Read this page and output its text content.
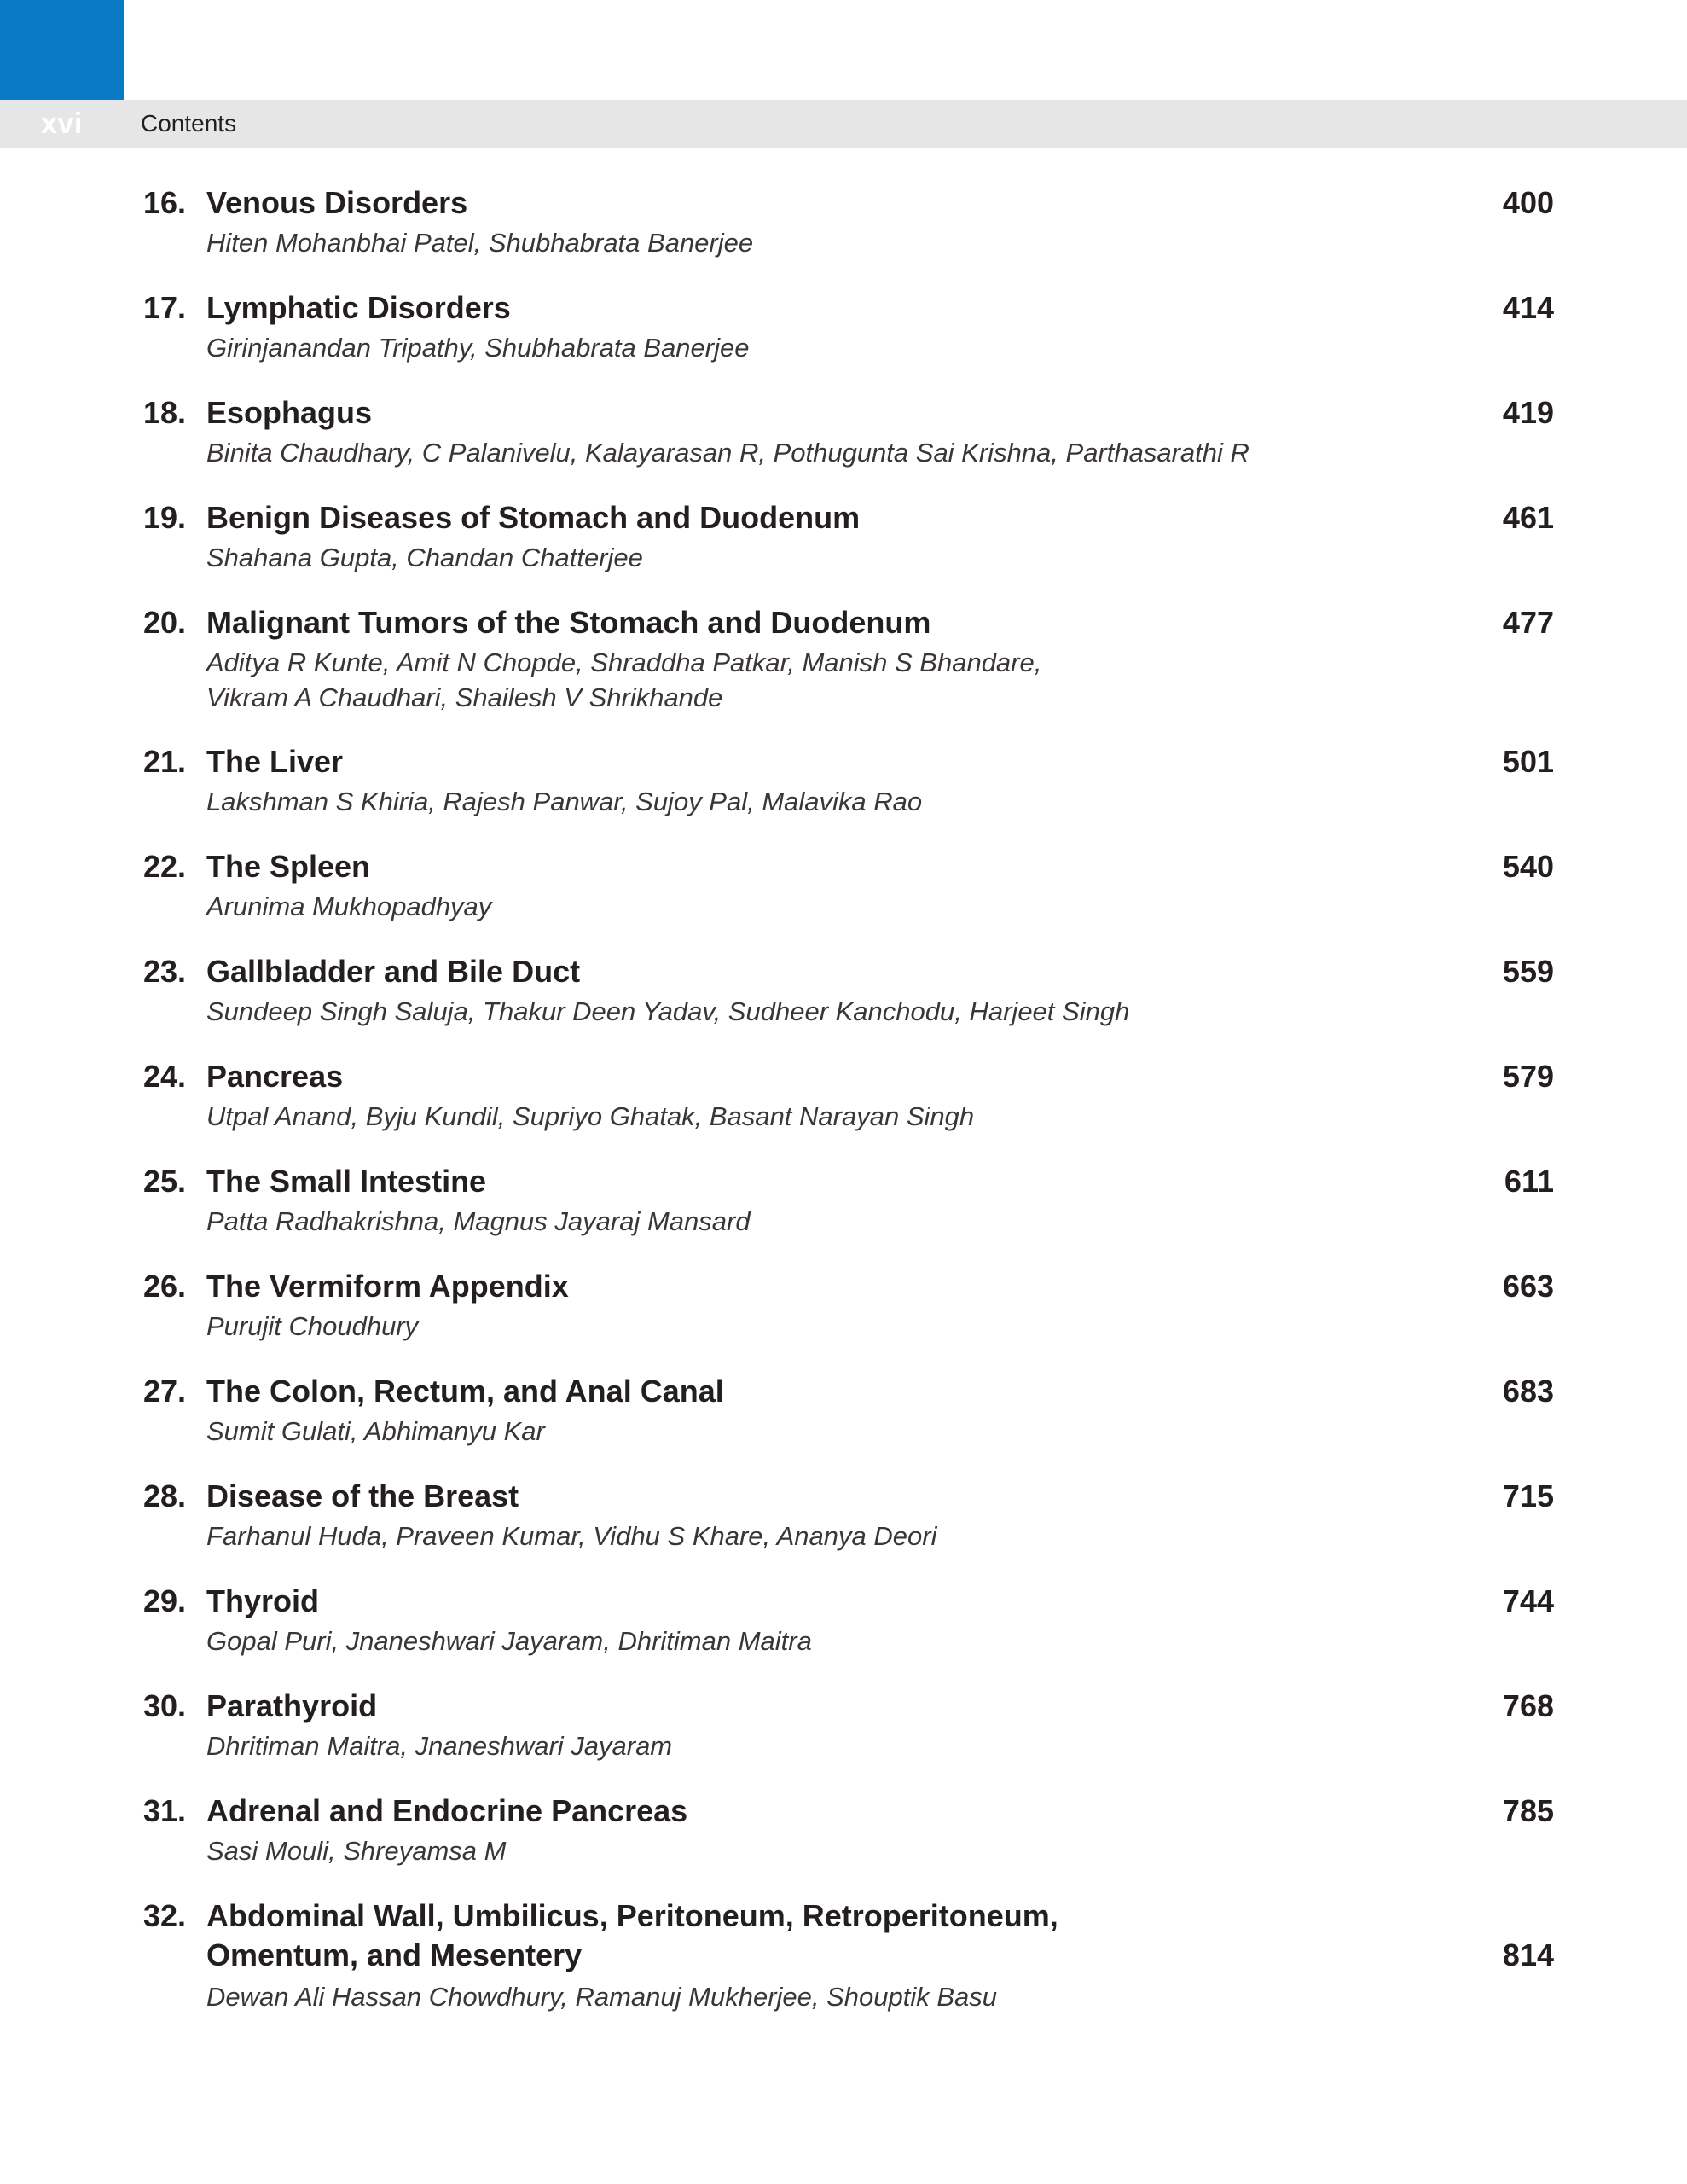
xvi	Contents
16. Venous Disorders	400
Hiten Mohanbhai Patel, Shubhabrata Banerjee
17. Lymphatic Disorders	414
Girinjanandan Tripathy, Shubhabrata Banerjee
18. Esophagus	419
Binita Chaudhary, C Palanivelu, Kalayarasan R, Pothugunta Sai Krishna, Parthasarathi R
19. Benign Diseases of Stomach and Duodenum	461
Shahana Gupta, Chandan Chatterjee
20. Malignant Tumors of the Stomach and Duodenum	477
Aditya R Kunte, Amit N Chopde, Shraddha Patkar, Manish S Bhandare,
Vikram A Chaudhari, Shailesh V Shrikhande
21. The Liver	501
Lakshman S Khiria, Rajesh Panwar, Sujoy Pal, Malavika Rao
22. The Spleen	540
Arunima Mukhopadhyay
23. Gallbladder and Bile Duct	559
Sundeep Singh Saluja, Thakur Deen Yadav, Sudheer Kanchodu, Harjeet Singh
24. Pancreas	579
Utpal Anand, Byju Kundil, Supriyo Ghatak, Basant Narayan Singh
25. The Small Intestine	611
Patta Radhakrishna, Magnus Jayaraj Mansard
26. The Vermiform Appendix	663
Purujit Choudhury
27. The Colon, Rectum, and Anal Canal	683
Sumit Gulati, Abhimanyu Kar
28. Disease of the Breast	715
Farhanul Huda, Praveen Kumar, Vidhu S Khare, Ananya Deori
29. Thyroid	744
Gopal Puri, Jnaneshwari Jayaram, Dhritiman Maitra
30. Parathyroid	768
Dhritiman Maitra, Jnaneshwari Jayaram
31. Adrenal and Endocrine Pancreas	785
Sasi Mouli, Shreyamsa M
32. Abdominal Wall, Umbilicus, Peritoneum, Retroperitoneum,
Omentum, and Mesentery	814
Dewan Ali Hassan Chowdhury, Ramanuj Mukherjee, Shouptik Basu
